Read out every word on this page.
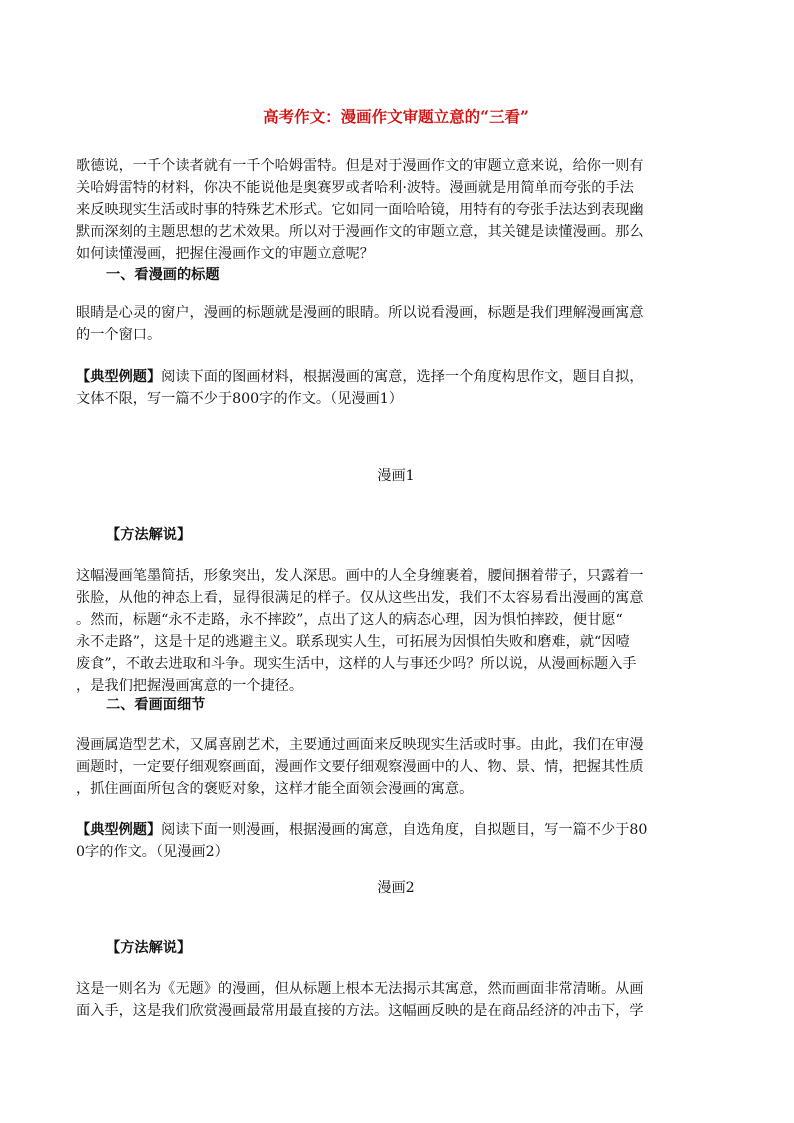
高考作文：漫画作文审题立意的“三看”
歌德说，一千个读者就有一千个哈姆雷特。但是对于漫画作文的审题立意来说，给你一则有
关哈姆雷特的材料，你决不能说他是奥赛罗或者哈利·波特。漫画就是用简单而夸张的手法
来反映现实生活或时事的特殊艺术形式。它如同一面哈哈镜，用特有的夸张手法达到表现幽
默而深刻的主题思想的艺术效果。所以对于漫画作文的审题立意，其关键是读懂漫画。那么
如何读懂漫画，把握住漫画作文的审题立意呢？
一、看漫画的标题
眼睛是心灵的窗户，漫画的标题就是漫画的眼睛。所以说看漫画，标题是我们理解漫画寓意
的一个窗口。
【典型例题】阅读下面的图画材料，根据漫画的寓意，选择一个角度构思作文，题目自拟，
文体不限，写一篇不少于800字的作文。（见漫画1）
漫画1
【方法解说】
这幅漫画笔墨简括，形象突出，发人深思。画中的人全身缠裹着，腰间捆着带子，只露着一
张脸，从他的神态上看，显得很满足的样子。仅从这些出发，我们不太容易看出漫画的寓意
。然而，标题“永不走路，永不摔跤”，点出了这人的病态心理，因为惧怕摔跤，便甘愿“
永不走路”，这是十足的逃避主义。联系现实人生，可拓展为因惧怕失败和磨难，就“因噎
废食”，不敢去进取和斗争。现实生活中，这样的人与事还少吗？所以说，从漫画标题入手
，是我们把握漫画寓意的一个捷径。
二、看画面细节
漫画属造型艺术，又属喜剧艺术，主要通过画面来反映现实生活或时事。由此，我们在审漫
画题时，一定要仔细观察画面，漫画作文要仔细观察漫画中的人、物、景、情，把握其性质
，抓住画面所包含的褒贬对象，这样才能全面领会漫画的寓意。
【典型例题】阅读下面一则漫画，根据漫画的寓意，自选角度，自拟题目，写一篇不少于80
0字的作文。（见漫画2）
漫画2
【方法解说】
这是一则名为《无题》的漫画，但从标题上根本无法揭示其寓意，然而画面非常清晰。从画
面入手，这是我们欣赏漫画最常用最直接的方法。这幅画反映的是在商品经济的冲击下，学
